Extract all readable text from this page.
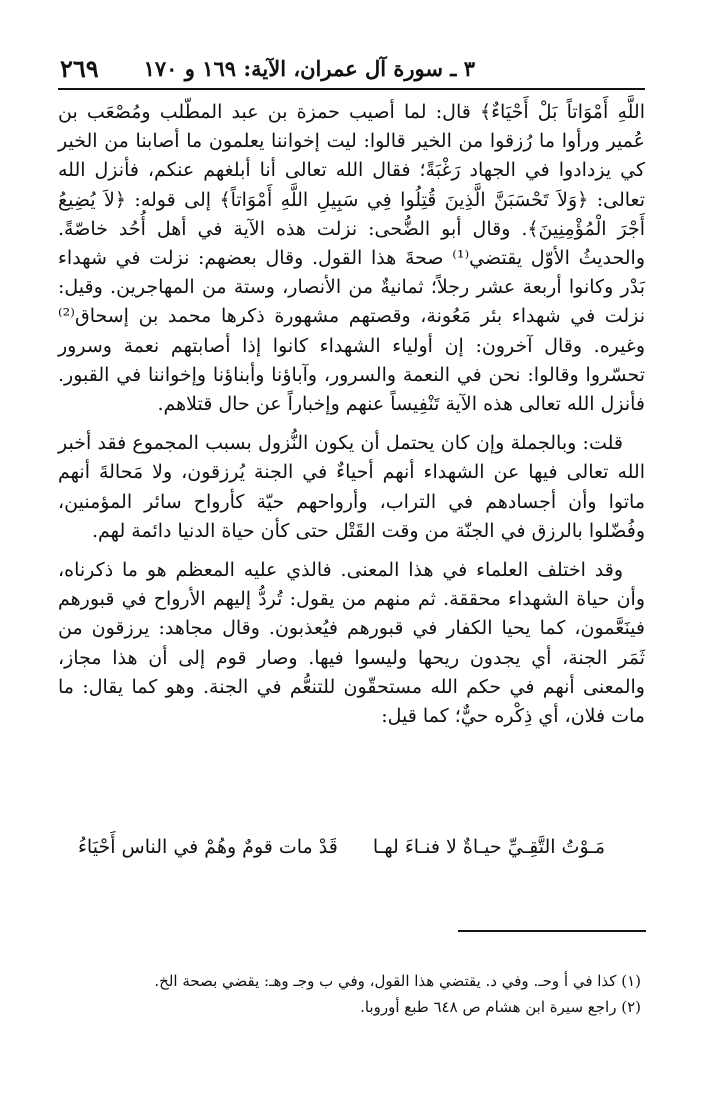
٣ ـ سورة آل عمران، الآية: ١٦٩ و ١٧٠
٢٦٩

اللَّهِ أَمْوَاتاً بَلْ أَحْيَاءٌ﴾ قال: لما أصيب حمزة بن عبد المطّلب ومُصْعَب بن عُمير ورأوا ما رُزقوا من الخير قالوا: ليت إخواننا يعلمون ما أصابنا من الخير كي يزدادوا في الجهاد رَغْبَةً؛ فقال الله تعالى أنا أبلغهم عنكم، فأنزل الله تعالى: ﴿وَلاَ تَحْسَبَنَّ الَّذِينَ قُتِلُوا فِي سَبِيلِ اللَّهِ أَمْوَاتاً﴾ إلى قوله: ﴿لاَ يُضِيعُ أَجْرَ الْمُؤْمِنِينَ﴾. وقال أبو الضُّحى: نزلت هذه الآية في أهل أُحُد خاصّةً. والحديثُ الأوّل يقتضي⁽¹⁾ صحةَ هذا القول. وقال بعضهم: نزلت في شهداء بَدْر وكانوا أربعة عشر رجلاً؛ ثمانيةٌ من الأنصار، وستة من المهاجرين. وقيل: نزلت في شهداء بئر مَعُونة، وقصتهم مشهورة ذكرها محمد بن إسحاق⁽²⁾ وغيره. وقال آخرون: إن أولياء الشهداء كانوا إذا أصابتهم نعمة وسرور تحسّروا وقالوا: نحن في النعمة والسرور، وآباؤنا وأبناؤنا وإخواننا في القبور. فأنزل الله تعالى هذه الآية تَنْفِيساً عنهم وإخباراً عن حال قتلاهم.

قلت: وبالجملة وإن كان يحتمل أن يكون النُّزول بسبب المجموع فقد أخبر الله تعالى فيها عن الشهداء أنهم أحياءٌ في الجنة يُرزقون، ولا مَحالةَ أنهم ماتوا وأن أجسادهم في التراب، وأرواحهم حيّة كأرواح سائر المؤمنين، وفُضّلوا بالرزق في الجنّة من وقت القَتْل حتى كأن حياة الدنيا دائمة لهم.

وقد اختلف العلماء في هذا المعنى. فالذي عليه المعظم هو ما ذكرناه، وأن حياة الشهداء محققة. ثم منهم من يقول: تُردُّ إليهم الأرواح في قبورهم فينَعَّمون، كما يحيا الكفار في قبورهم فيُعذبون. وقال مجاهد: يرزقون من ثَمَر الجنة، أي يجدون ريحها وليسوا فيها. وصار قوم إلى أن هذا مجاز، والمعنى أنهم في حكم الله مستحقّون للتنعُّم في الجنة. وهو كما يقال: ما مات فلان، أي ذِكْره حيٌّ؛ كما قيل:

مَـوْتُ التَّقِـيِّ حيـاةٌ لا فنـاءَ لهـا
قَدْ مات قومٌ وهُمْ في الناس أَحْيَاءُ

(١) كذا في أ وحـ. وفي د. يقتضي هذا القول، وفي ب وجـ وهـ: يقضي بصحة الخ.

(٢) راجع سيرة ابن هشام ص ٦٤٨ طبع أوروبا.
